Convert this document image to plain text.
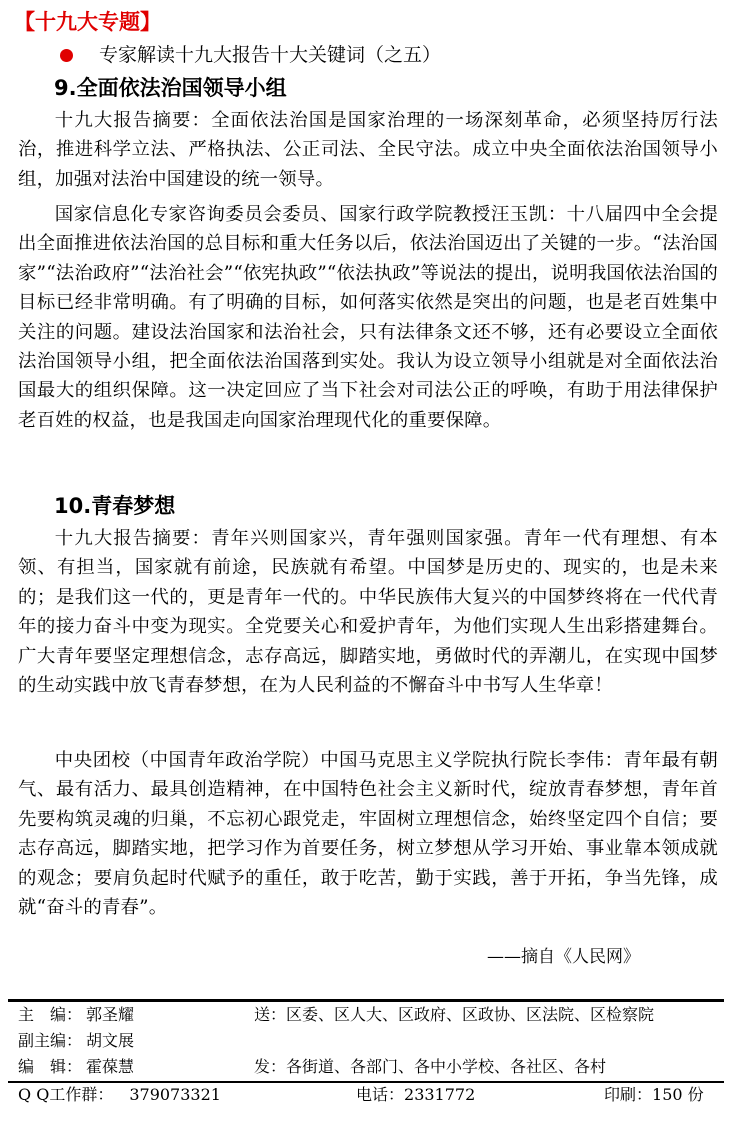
【十九大专题】
专家解读十九大报告十大关键词（之五）
9.全面依法治国领导小组

十九大报告摘要：全面依法治国是国家治理的一场深刻革命，必须坚持厉行法治，推进科学立法、严格执法、公正司法、全民守法。成立中央全面依法治国领导小组，加强对法治中国建设的统一领导。

国家信息化专家咨询委员会委员、国家行政学院教授汪玉凯：十八届四中全会提出全面推进依法治国的总目标和重大任务以后，依法治国迈出了关键的一步。“法治国家”“法治政府”“法治社会”“依宪执政”“依法执政”等说法的提出，说明我国依法治国的目标已经非常明确。有了明确的目标，如何落实依然是突出的问题，也是老百姓集中关注的问题。建设法治国家和法治社会，只有法律条文还不够，还有必要设立全面依法治国领导小组，把全面依法治国落到实处。我认为设立领导小组就是对全面依法治国最大的组织保障。这一决定回应了当下社会对司法公正的呼唤，有助于用法律保护老百姓的权益，也是我国走向国家治理现代化的重要保障。

10.青春梦想

十九大报告摘要：青年兴则国家兴，青年强则国家强。青年一代有理想、有本领、有担当，国家就有前途，民族就有希望。中国梦是历史的、现实的，也是未来的；是我们这一代的，更是青年一代的。中华民族伟大复兴的中国梦终将在一代代青年的接力奋斗中变为现实。全党要关心和爱护青年，为他们实现人生出彩搭建舞台。广大青年要坚定理想信念，志存高远，脚踏实地，勇做时代的弄潮儿，在实现中国梦的生动实践中放飞青春梦想，在为人民利益的不懈奋斗中书写人生华章！

中央团校（中国青年政治学院）中国马克思主义学院执行院长李伟：青年最有朝气、最有活力、最具创造精神，在中国特色社会主义新时代，绽放青春梦想，青年首先要构筑灵魂的归巢，不忘初心跟党走，牢固树立理想信念，始终坚定四个自信；要志存高远，脚踏实地，把学习作为首要任务，树立梦想从学习开始、事业靠本领成就的观念；要肩负起时代赋予的重任，敢于吃苦，勤于实践，善于开拓，争当先锋，成就“奋斗的青春”。

——摘自《人民网》
主　编： 郭圣耀	送：区委、区人大、区政府、区政协、区法院、区检察院
副主编： 胡文展
编　辑： 霍葆慧	发：各街道、各部门、各中小学校、各社区、各村
Q Q工作群： 379073321	电话：2331772	印刷：150 份
